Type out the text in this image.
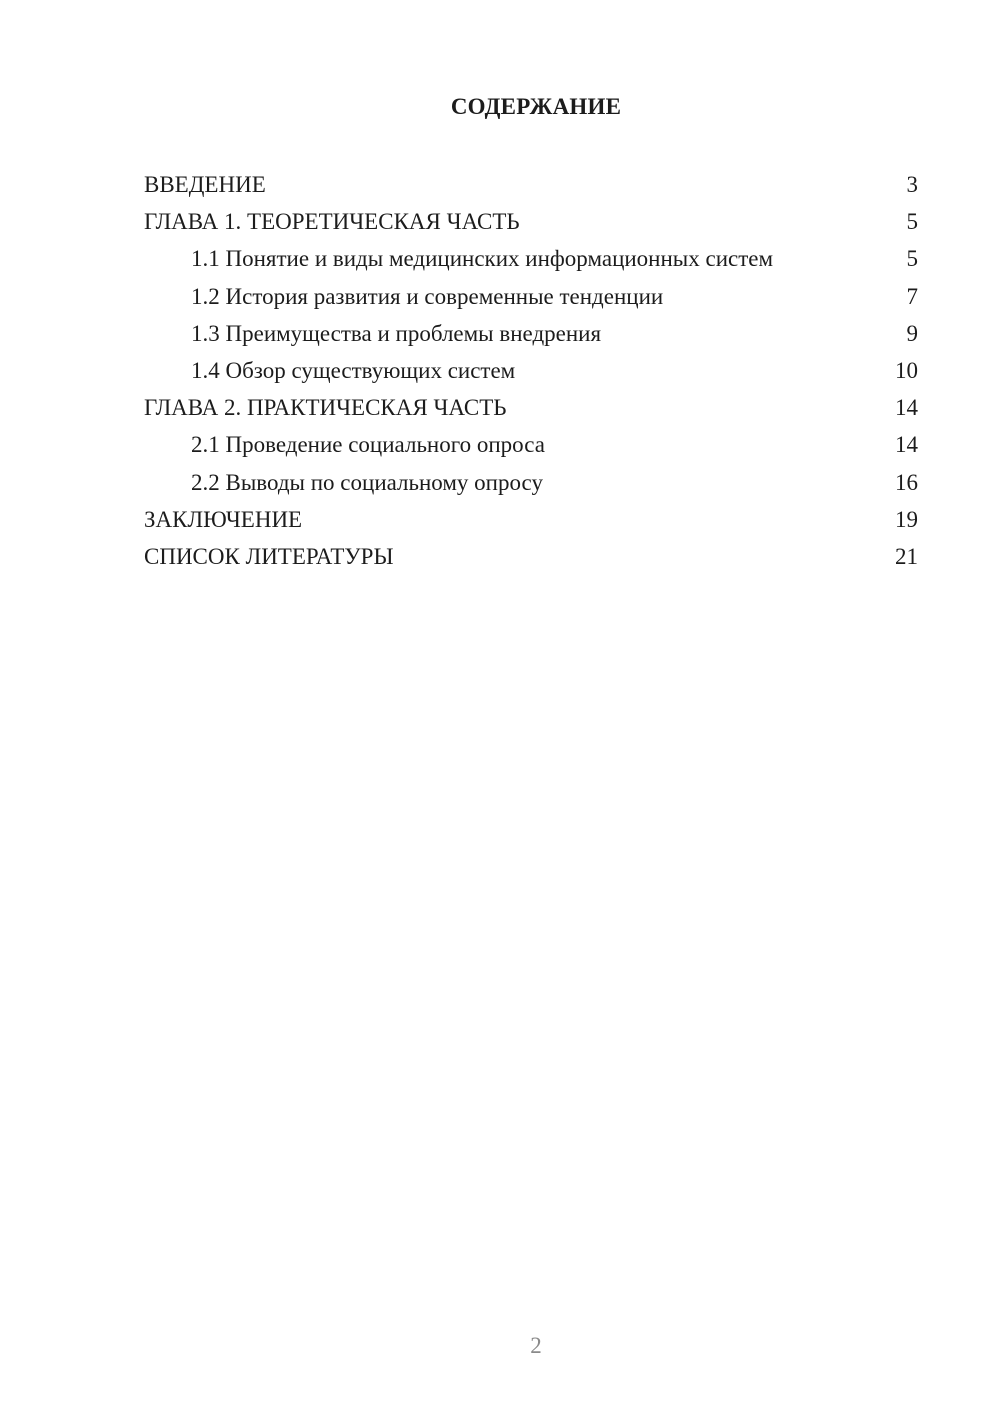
СОДЕРЖАНИЕ
ВВЕДЕНИЕ	3
ГЛАВА 1. ТЕОРЕТИЧЕСКАЯ ЧАСТЬ	5
1.1 Понятие и виды медицинских информационных систем	5
1.2 История развития и современные тенденции	7
1.3 Преимущества и проблемы внедрения	9
1.4 Обзор существующих систем	10
ГЛАВА 2. ПРАКТИЧЕСКАЯ ЧАСТЬ	14
2.1 Проведение социального опроса	14
2.2 Выводы по социальному опросу	16
ЗАКЛЮЧЕНИЕ	19
СПИСОК ЛИТЕРАТУРЫ	21
2
